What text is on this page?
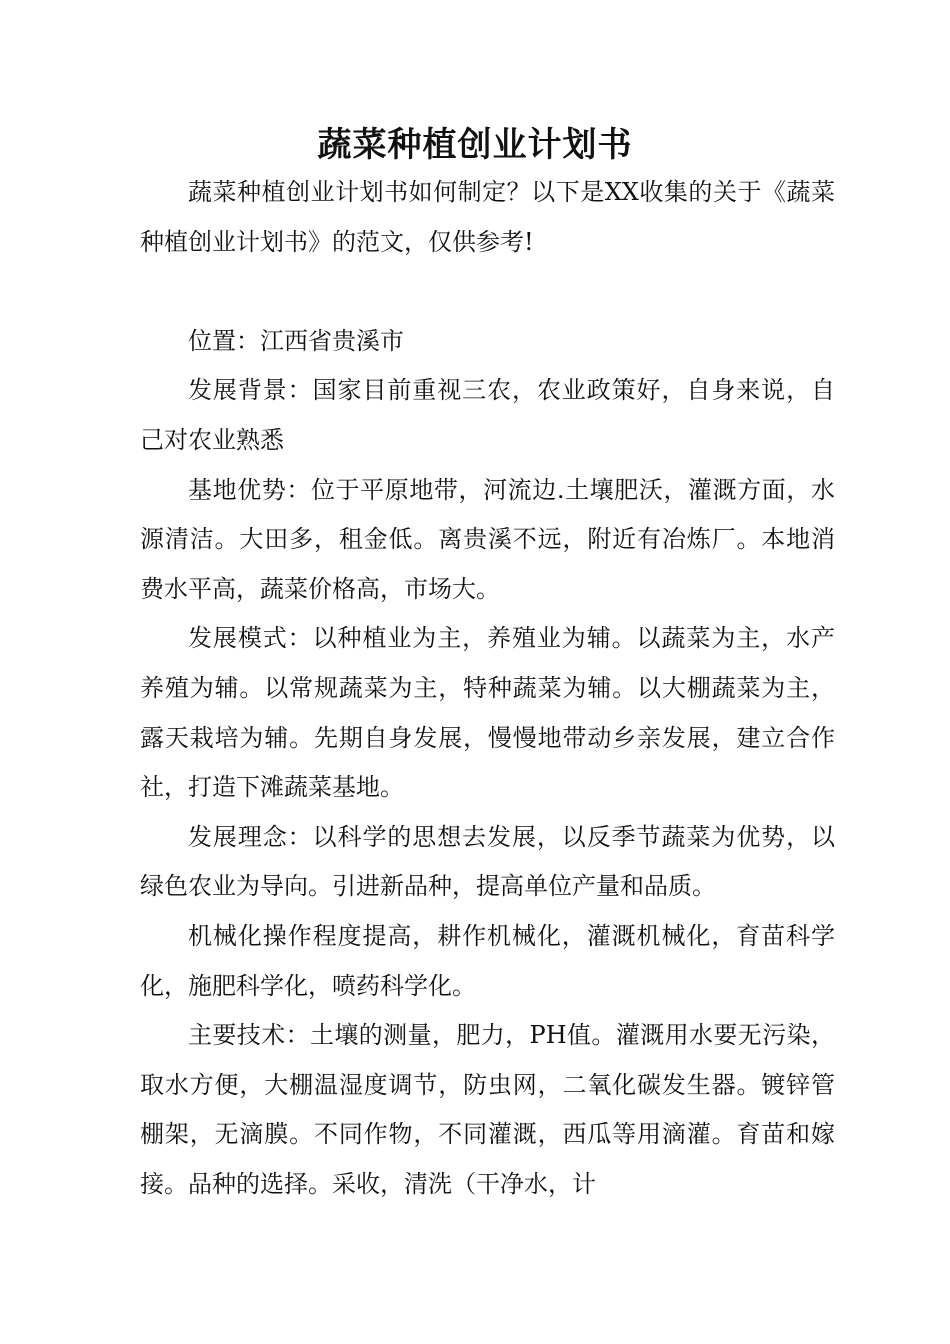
蔬菜种植创业计划书

蔬菜种植创业计划书如何制定？以下是XX收集的关于《蔬菜种植创业计划书》的范文，仅供参考!

位置：江西省贵溪市

发展背景：国家目前重视三农，农业政策好，自身来说，自己对农业熟悉

基地优势：位于平原地带，河流边.土壤肥沃，灌溉方面，水源清洁。大田多，租金低。离贵溪不远，附近有冶炼厂。本地消费水平高，蔬菜价格高，市场大。

发展模式：以种植业为主，养殖业为辅。以蔬菜为主，水产养殖为辅。以常规蔬菜为主，特种蔬菜为辅。以大棚蔬菜为主，露天栽培为辅。先期自身发展，慢慢地带动乡亲发展，建立合作社，打造下滩蔬菜基地。

发展理念：以科学的思想去发展，以反季节蔬菜为优势，以绿色农业为导向。引进新品种，提高单位产量和品质。

机械化操作程度提高，耕作机械化，灌溉机械化，育苗科学化，施肥科学化，喷药科学化。

主要技术：土壤的测量，肥力，PH值。灌溉用水要无污染，取水方便，大棚温湿度调节，防虫网，二氧化碳发生器。镀锌管棚架，无滴膜。不同作物，不同灌溉，西瓜等用滴灌。育苗和嫁接。品种的选择。采收，清洗（干净水，计
